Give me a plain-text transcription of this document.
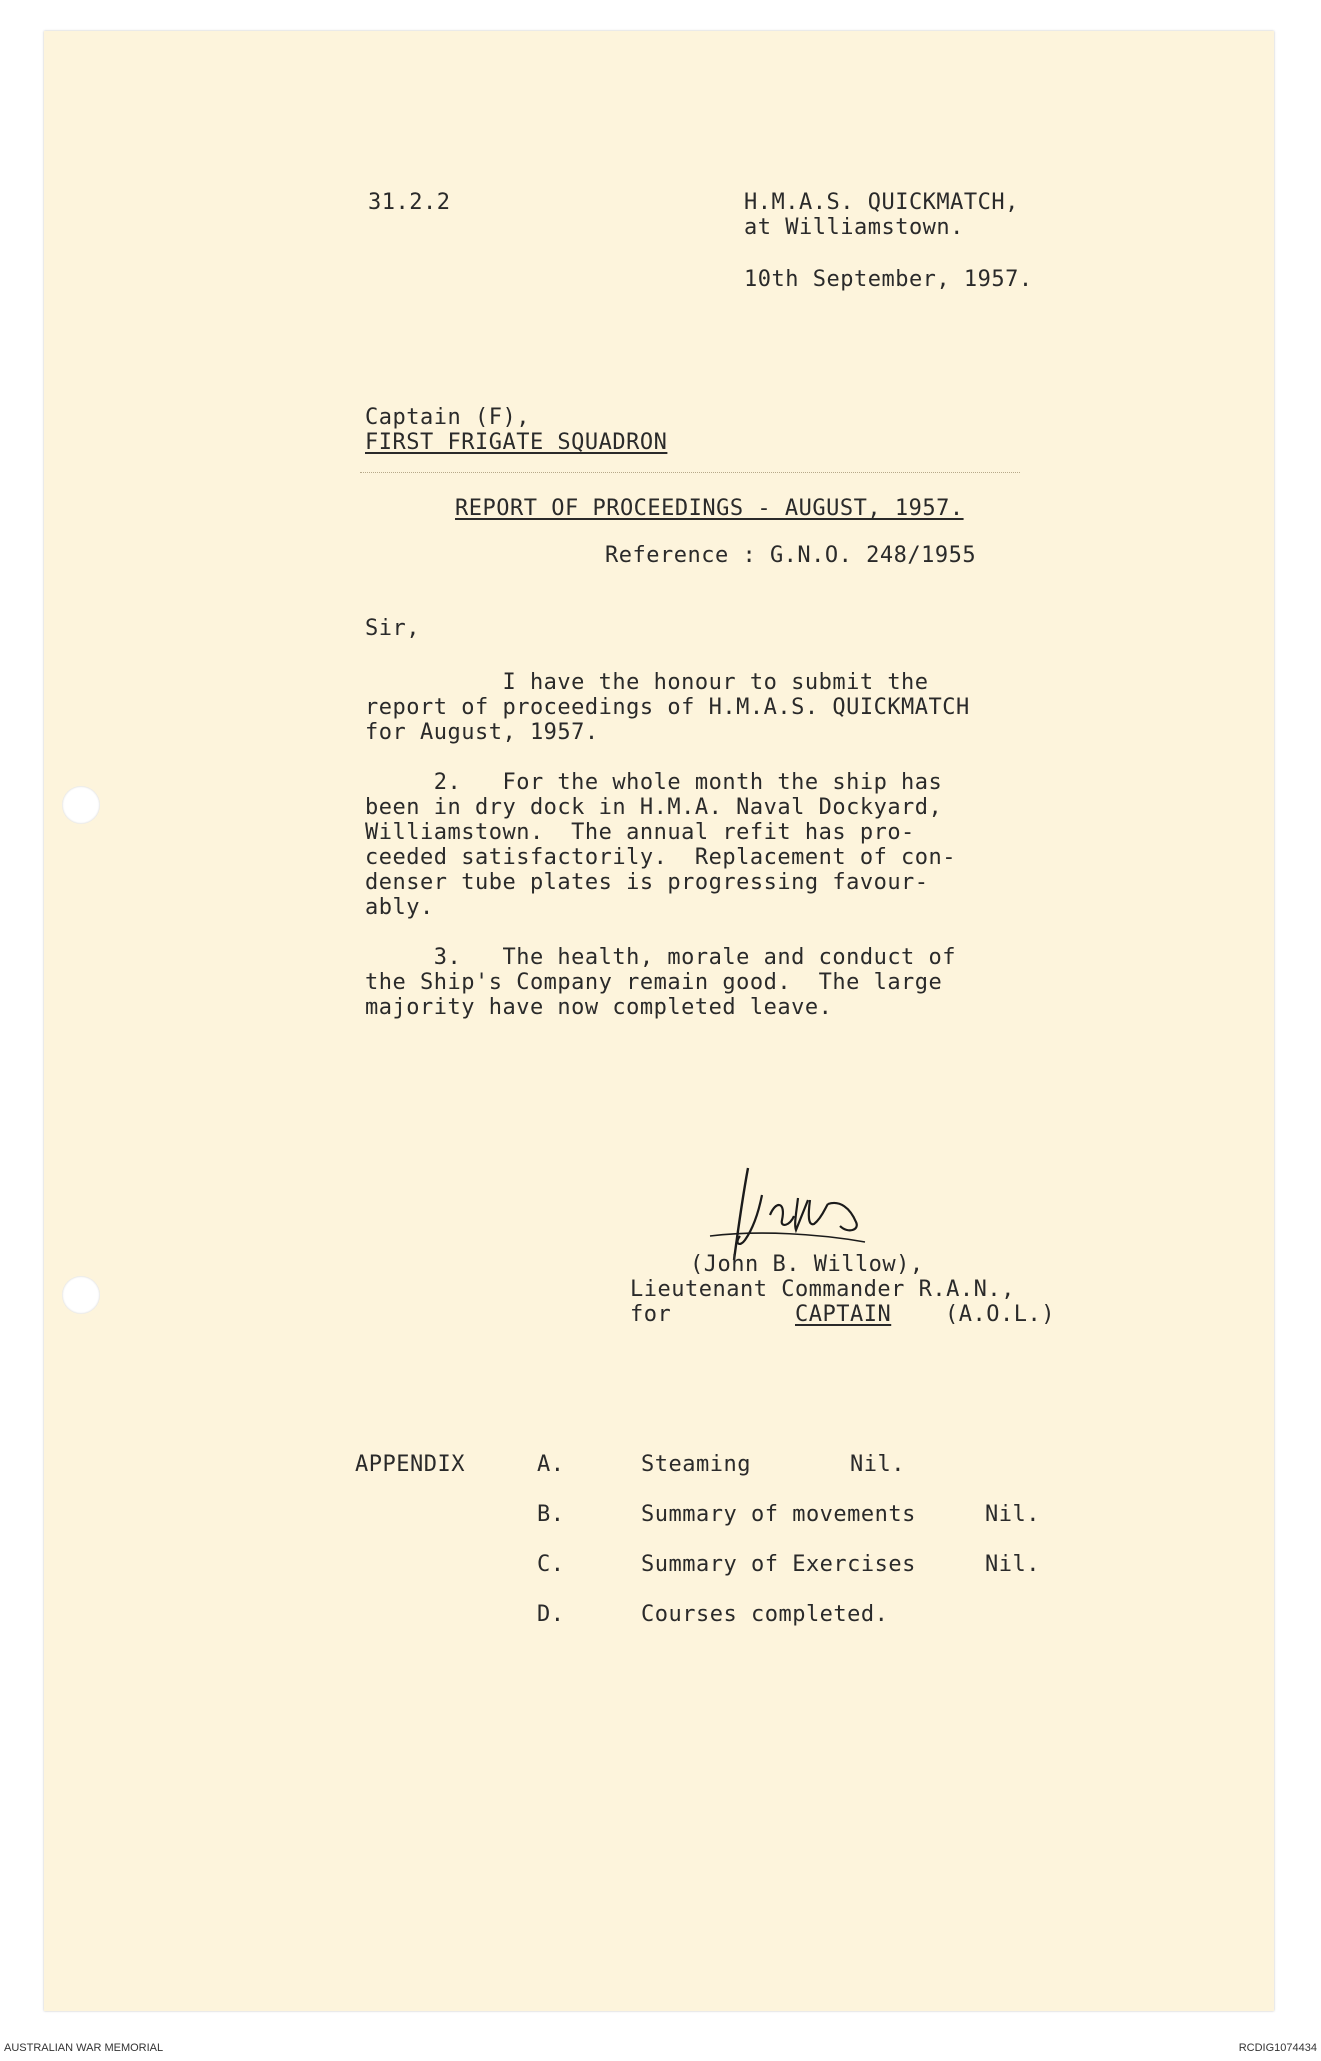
31.2.2	H.M.A.S. QUICKMATCH,
at Williamstown.
10th September, 1957.
Captain (F),
FIRST FRIGATE SQUADRON
REPORT OF PROCEEDINGS - AUGUST, 1957.
Reference : G.N.O. 248/1955
Sir,
I have the honour to submit the
report of proceedings of H.M.A.S. QUICKMATCH
for August, 1957.
2.   For the whole month the ship has
been in dry dock in H.M.A. Naval Dockyard,
Williamstown.  The annual refit has pro-
ceeded satisfactorily.  Replacement of con-
denser tube plates is progressing favour-
ably.
3.   The health, morale and conduct of
the Ship's Company remain good.  The large
majority have now completed leave.
(John B. Willow),
Lieutenant Commander R.A.N.,
for	CAPTAIN (A.O.L.)
APPENDIX	A.	Steaming	Nil.
B.	Summary of movements	Nil.
C.	Summary of Exercises	Nil.
D.	Courses completed.
AUSTRALIAN WAR MEMORIAL	RCDIG1074434
